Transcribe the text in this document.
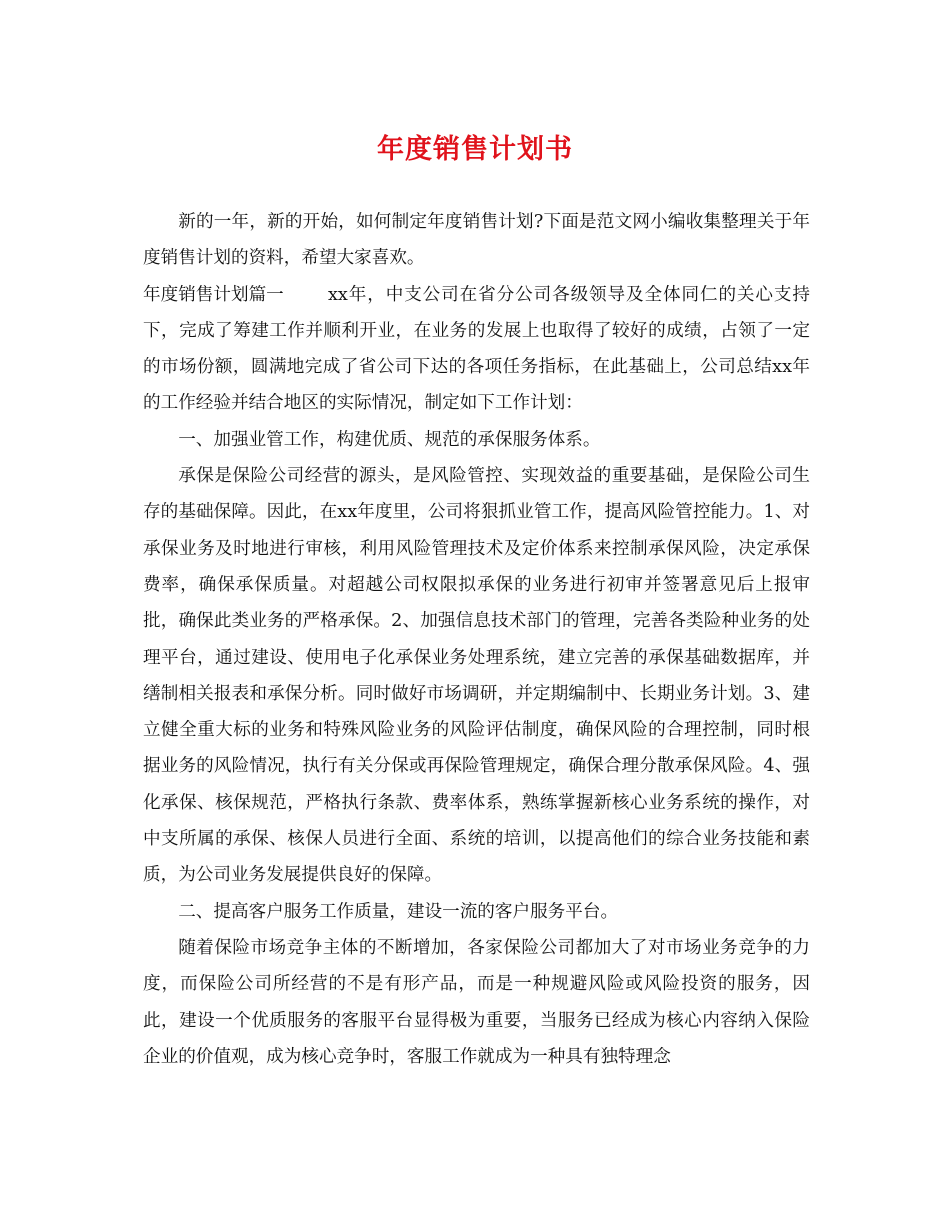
年度销售计划书

新的一年，新的开始，如何制定年度销售计划?下面是范文网小编收集整理关于年度销售计划的资料，希望大家喜欢。

年度销售计划篇一	xx年，中支公司在省分公司各级领导及全体同仁的关心支持下，完成了筹建工作并顺利开业，在业务的发展上也取得了较好的成绩，占领了一定的市场份额，圆满地完成了省公司下达的各项任务指标，在此基础上，公司总结xx年的工作经验并结合地区的实际情况，制定如下工作计划：

一、加强业管工作，构建优质、规范的承保服务体系。

承保是保险公司经营的源头，是风险管控、实现效益的重要基础，是保险公司生存的基础保障。因此，在xx年度里，公司将狠抓业管工作，提高风险管控能力。1、对承保业务及时地进行审核，利用风险管理技术及定价体系来控制承保风险，决定承保费率，确保承保质量。对超越公司权限拟承保的业务进行初审并签署意见后上报审批，确保此类业务的严格承保。2、加强信息技术部门的管理，完善各类险种业务的处理平台，通过建设、使用电子化承保业务处理系统，建立完善的承保基础数据库，并缮制相关报表和承保分析。同时做好市场调研，并定期编制中、长期业务计划。3、建立健全重大标的业务和特殊风险业务的风险评估制度，确保风险的合理控制，同时根据业务的风险情况，执行有关分保或再保险管理规定，确保合理分散承保风险。4、强化承保、核保规范，严格执行条款、费率体系，熟练掌握新核心业务系统的操作，对中支所属的承保、核保人员进行全面、系统的培训，以提高他们的综合业务技能和素质，为公司业务发展提供良好的保障。

二、提高客户服务工作质量，建设一流的客户服务平台。

随着保险市场竞争主体的不断增加，各家保险公司都加大了对市场业务竞争的力度，而保险公司所经营的不是有形产品，而是一种规避风险或风险投资的服务，因此，建设一个优质服务的客服平台显得极为重要，当服务已经成为核心内容纳入保险企业的价值观，成为核心竞争时，客服工作就成为一种具有独特理念
